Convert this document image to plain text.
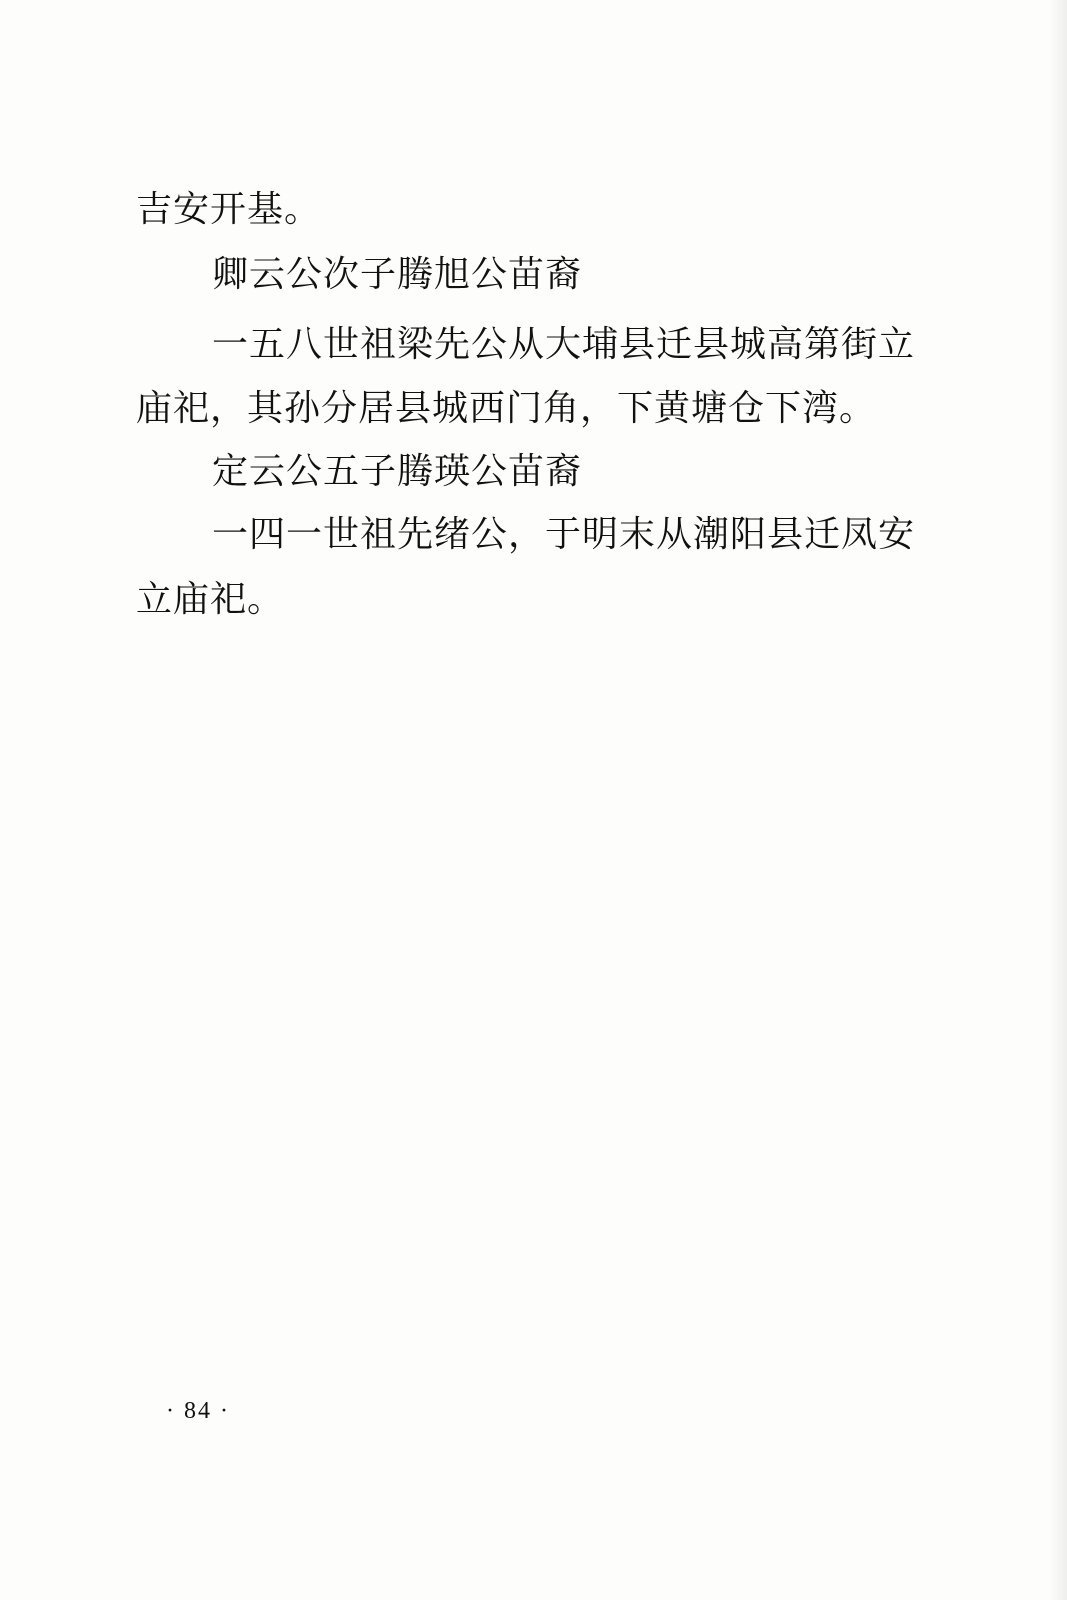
吉安开基。
卿云公次子腾旭公苗裔
一五八世祖梁先公从大埔县迁县城高第街立
庙祀，其孙分居县城西门角，下黄塘仓下湾。
定云公五子腾瑛公苗裔
一四一世祖先绪公，于明末从潮阳县迁凤安
立庙祀。
· 84 ·
